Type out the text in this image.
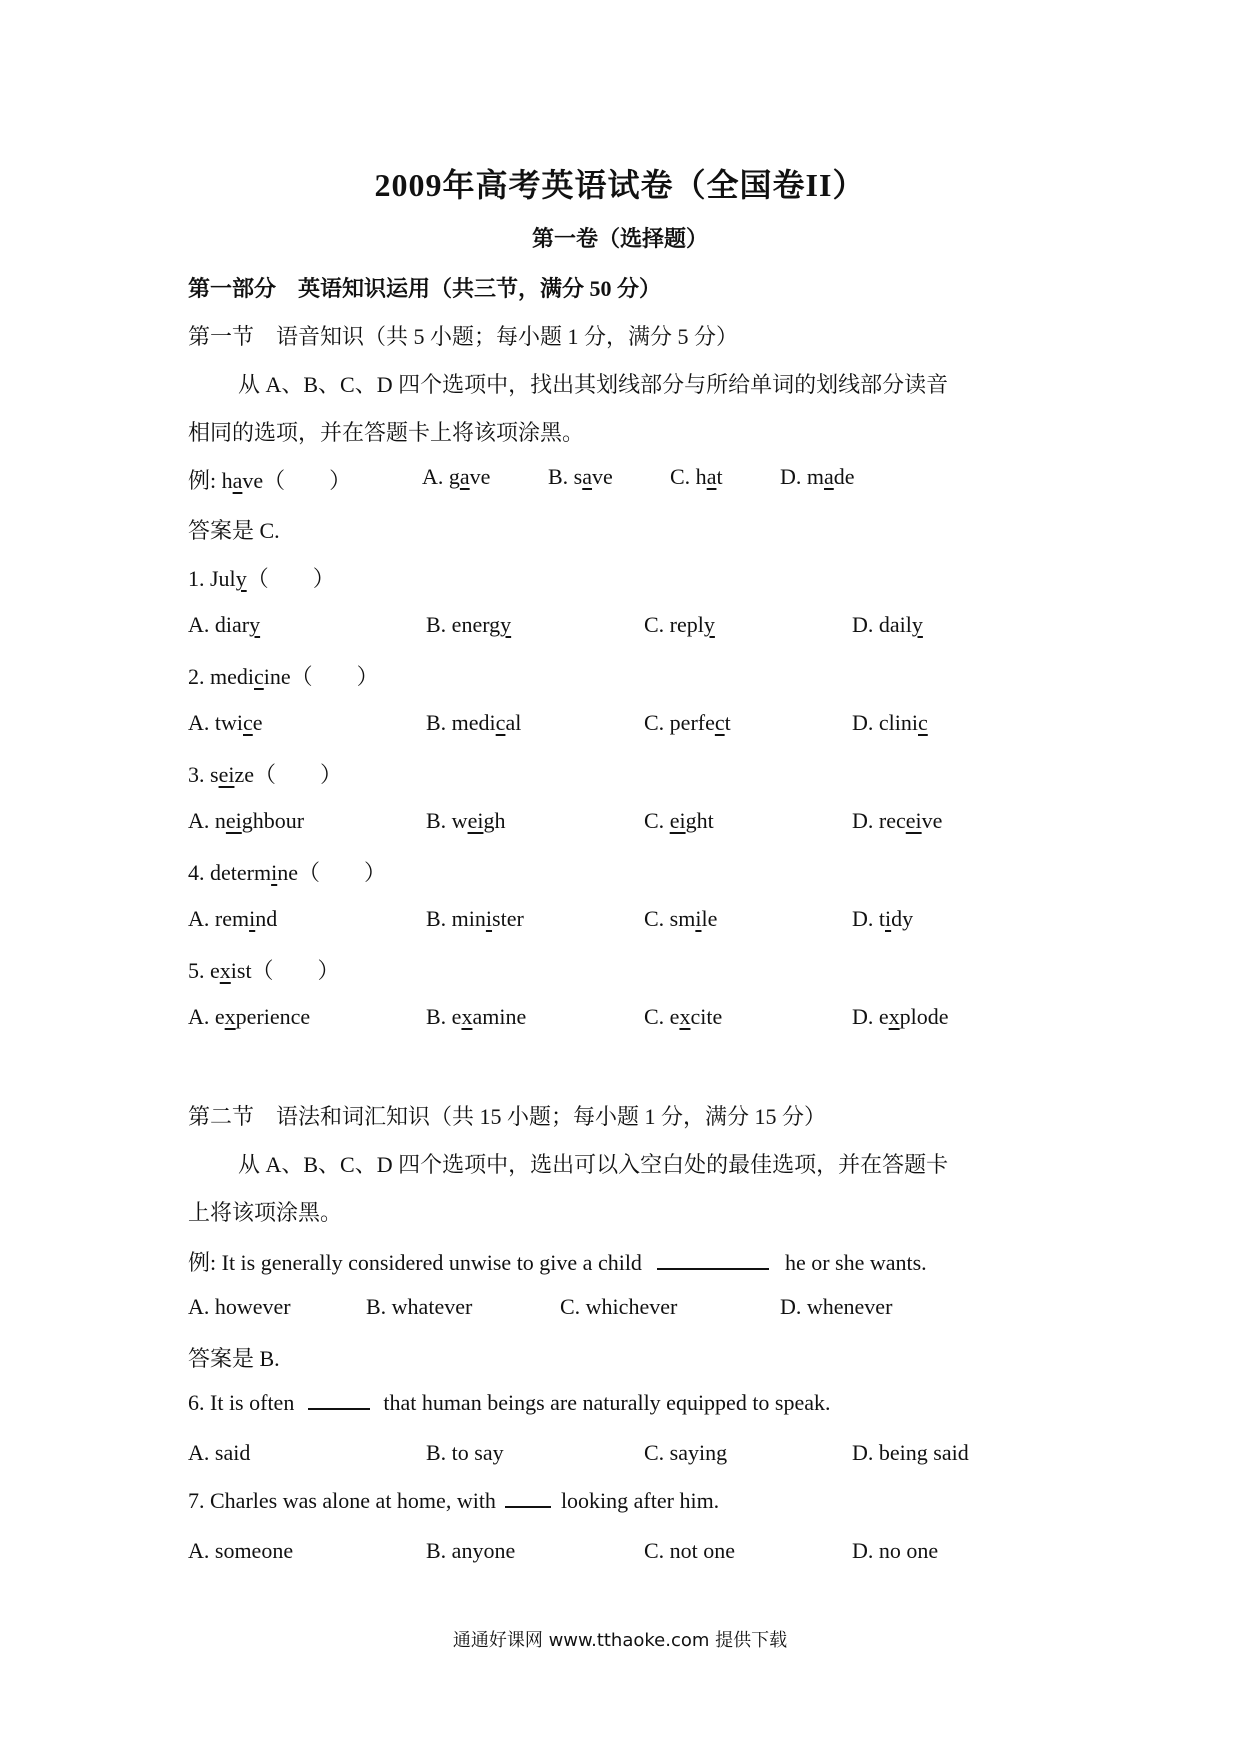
2009年高考英语试卷（全国卷II）
第一卷（选择题）
第一部分　英语知识运用（共三节，满分 50 分）
第一节　语音知识（共 5 小题；每小题 1 分，满分 5 分）
从 A、B、C、D 四个选项中，找出其划线部分与所给单词的划线部分读音
相同的选项，并在答题卡上将该项涂黑。
例: have（　　）	A. gave	B. save	C. hat	D. made
答案是 C.
1. July（　　）
A. diary	B. energy	C. reply	D. daily
2. medicine（　　）
A. twice	B. medical	C. perfect	D. clinic
3. seize（　　）
A. neighbour	B. weigh	C. eight	D. receive
4. determine（　　）
A. remind	B. minister	C. smile	D. tidy
5. exist（　　）
A. experience	B. examine	C. excite	D. explode
第二节　语法和词汇知识（共 15 小题；每小题 1 分，满分 15 分）
从 A、B、C、D 四个选项中，选出可以入空白处的最佳选项，并在答题卡
上将该项涂黑。
例: It is generally considered unwise to give a child	he or she wants.
A. however	B. whatever	C. whichever	D. whenever
答案是 B.
6. It is often	that human beings are naturally equipped to speak.
A. said	B. to say	C. saying	D. being said
7. Charles was alone at home, with	looking after him.
A. someone	B. anyone	C. not one	D. no one
通通好课网 www.tthaoke.com 提供下载
